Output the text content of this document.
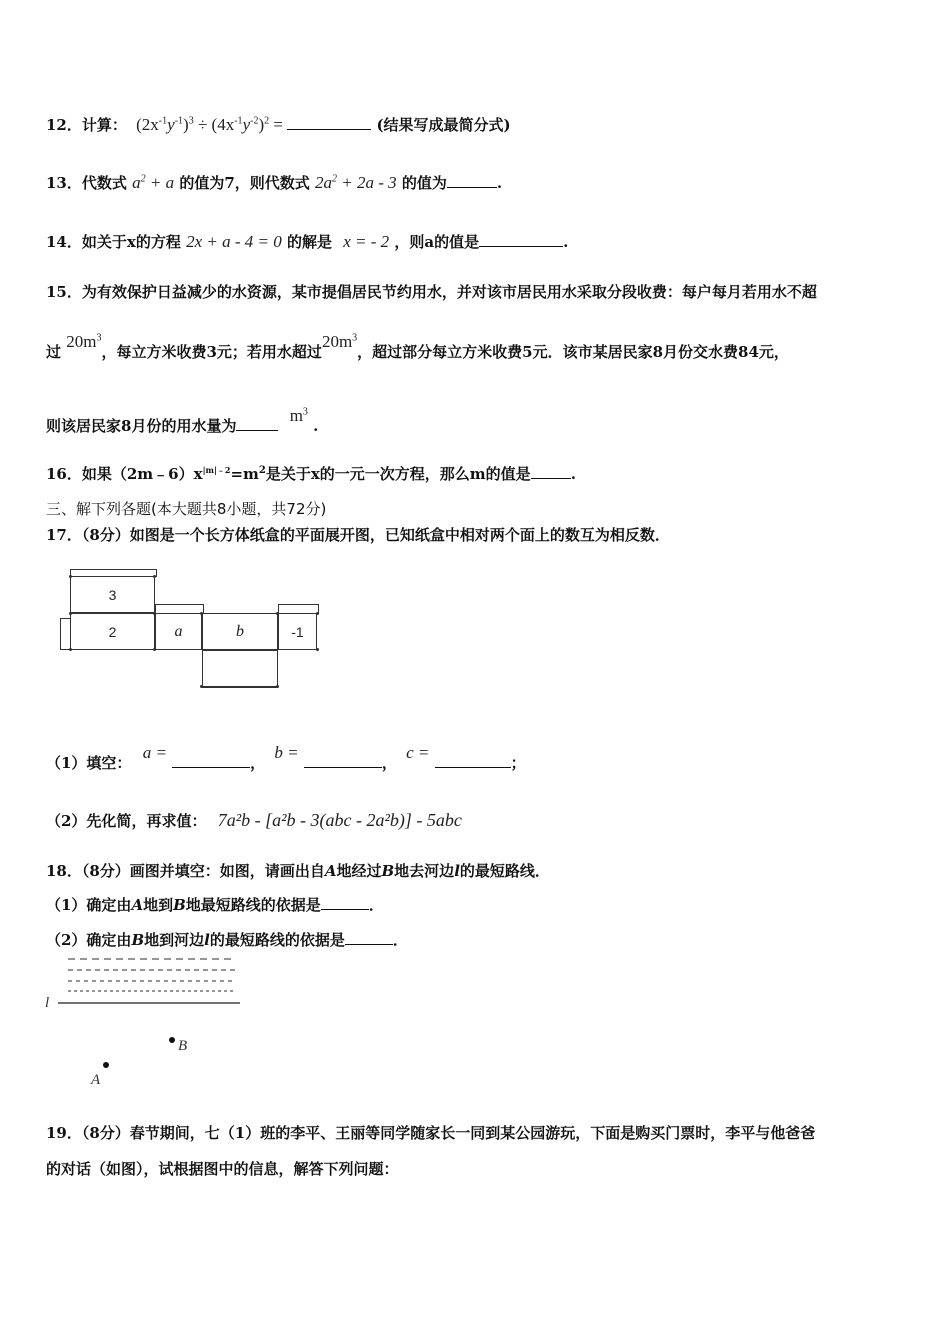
12．计算： $(2x^{-1}y^{-1})^3 \div (4x^{-1}y^{-2})^2$ =	(结果写成最简分式)
13．代数式 $a^2 + a$ 的值为7，则代数式 $2a^2 + 2a - 3$ 的值为	.
14．如关于x的方程 2x + a - 4 = 0 的解是 x = - 2 ，则a的值是	.
15．为有效保护日益减少的水资源，某市提倡居民节约用水，并对该市居民用水采取分段收费：每户每月若用水不超
过 $20m^3$，每立方米收费3元；若用水超过$20m^3$，超过部分每立方米收费5元．该市某居民家8月份交水费84元，
则该居民家8月份的用水量为 $m^3$ .
16．如果$(2m﹣6)x^{|m|﹣2}=m^2$是关于x的一元一次方程，那么m的值是	.
三、解下列各题(本大题共8小题，共72分)
17．（8分）如图是一个长方体纸盒的平面展开图，已知纸盒中相对两个面上的数互为相反数．
3
2	a	b	-1
（1）填空： a = ， b = ， c = ；
（2）先化简，再求值： 7a²b - [a²b - 3(abc - 2a²b)] - 5abc
18．（8分）画图并填空：如图，请画出自A地经过B地去河边l的最短路线．
（1）确定由A地到B地最短路线的依据是	．
（2）确定由B地到河边l的最短路线的依据是	．
l
B
A
19．（8分）春节期间，七（1）班的李平、王丽等同学随家长一同到某公园游玩，下面是购买门票时，李平与他爸爸
的对话（如图），试根据图中的信息，解答下列问题：
